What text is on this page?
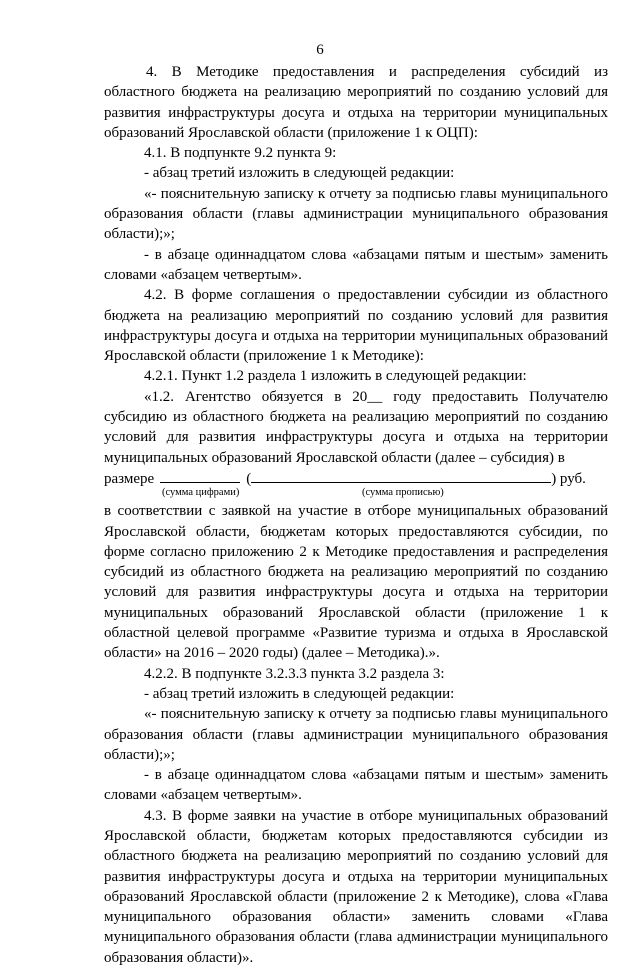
6

4. В Методике предоставления и распределения субсидий из областного бюджета на реализацию мероприятий по созданию условий для развития инфраструктуры досуга и отдыха на территории муниципальных образований Ярославской области (приложение 1 к ОЦП):

4.1. В подпункте 9.2 пункта 9:

- абзац третий изложить в следующей редакции:

«- пояснительную записку к отчету за подписью главы муниципального образования области (главы администрации муниципального образования области);»;

- в абзаце одиннадцатом слова «абзацами пятым и шестым» заменить словами «абзацем четвертым».

4.2. В форме соглашения о предоставлении субсидии из областного бюджета на реализацию мероприятий по созданию условий для развития инфраструктуры досуга и отдыха на территории муниципальных образований Ярославской области (приложение 1 к Методике):

4.2.1. Пункт 1.2 раздела 1 изложить в следующей редакции:

«1.2. Агентство обязуется в 20__ году предоставить Получателю субсидию из областного бюджета на реализацию мероприятий по созданию условий для развития инфраструктуры досуга и отдыха на территории муниципальных образований Ярославской области (далее – субсидия) в

размере	(	) руб.
(сумма цифрами)	(сумма прописью)

в соответствии с заявкой на участие в отборе муниципальных образований Ярославской области, бюджетам которых предоставляются субсидии, по форме согласно приложению 2 к Методике предоставления и распределения субсидий из областного бюджета на реализацию мероприятий по созданию условий для развития инфраструктуры досуга и отдыха на территории муниципальных образований Ярославской области (приложение 1 к областной целевой программе «Развитие туризма и отдыха в Ярославской области» на 2016 – 2020 годы) (далее – Методика).».

4.2.2. В подпункте 3.2.3.3 пункта 3.2 раздела 3:

- абзац третий изложить в следующей редакции:

«- пояснительную записку к отчету за подписью главы муниципального образования области (главы администрации муниципального образования области);»;

- в абзаце одиннадцатом слова «абзацами пятым и шестым» заменить словами «абзацем четвертым».

4.3. В форме заявки на участие в отборе муниципальных образований Ярославской области, бюджетам которых предоставляются субсидии из областного бюджета на реализацию мероприятий по созданию условий для развития инфраструктуры досуга и отдыха на территории муниципальных образований Ярославской области (приложение 2 к Методике), слова «Глава муниципального образования области» заменить словами «Глава муниципального образования области (глава администрации муниципального образования области)».
